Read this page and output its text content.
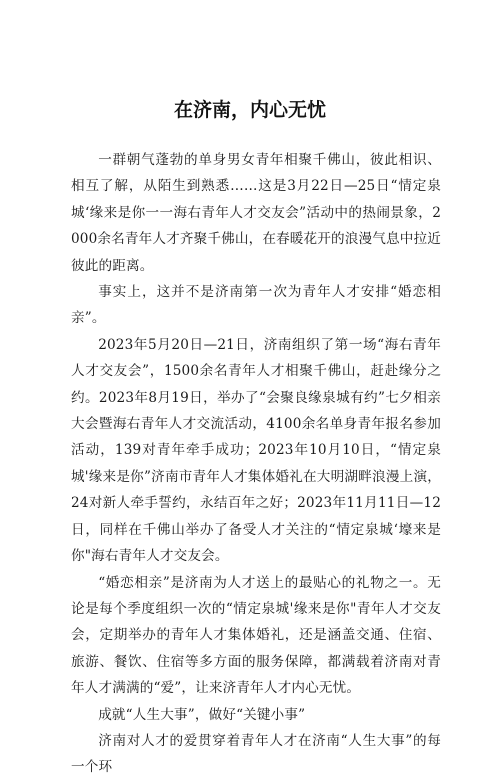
在济南，内心无忧

一群朝气蓬勃的单身男女青年相聚千佛山，彼此相识、相互了解，从陌生到熟悉……这是3月22日—25日“情定泉城‘缘来是你一一海右青年人才交友会”活动中的热闹景象，2000余名青年人才齐聚千佛山，在春暖花开的浪漫气息中拉近彼此的距离。

事实上，这并不是济南第一次为青年人才安排“婚恋相亲”。

2023年5月20日—21日，济南组织了第一场“海右青年人才交友会”，1500余名青年人才相聚千佛山，赶赴缘分之约。2023年8月19日，举办了“会聚良缘泉城有约”七夕相亲大会暨海右青年人才交流活动，4100余名单身青年报名参加活动，139对青年牵手成功；2023年10月10日，“情定泉城'缘来是你”济南市青年人才集体婚礼在大明湖畔浪漫上演，24对新人牵手誓约，永结百年之好；2023年11月11日—12日，同样在千佛山举办了备受人才关注的“情定泉城‘壕来是你"海右青年人才交友会。

“婚恋相亲”是济南为人才送上的最贴心的礼物之一。无论是每个季度组织一次的“情定泉城'缘来是你"青年人才交友会，定期举办的青年人才集体婚礼，还是涵盖交通、住宿、旅游、餐饮、住宿等多方面的服务保障，都满载着济南对青年人才满满的“爱”，让来济青年人才内心无忧。

成就“人生大事”，做好“关键小事”

济南对人才的爱贯穿着青年人才在济南“人生大事”的每一个环
